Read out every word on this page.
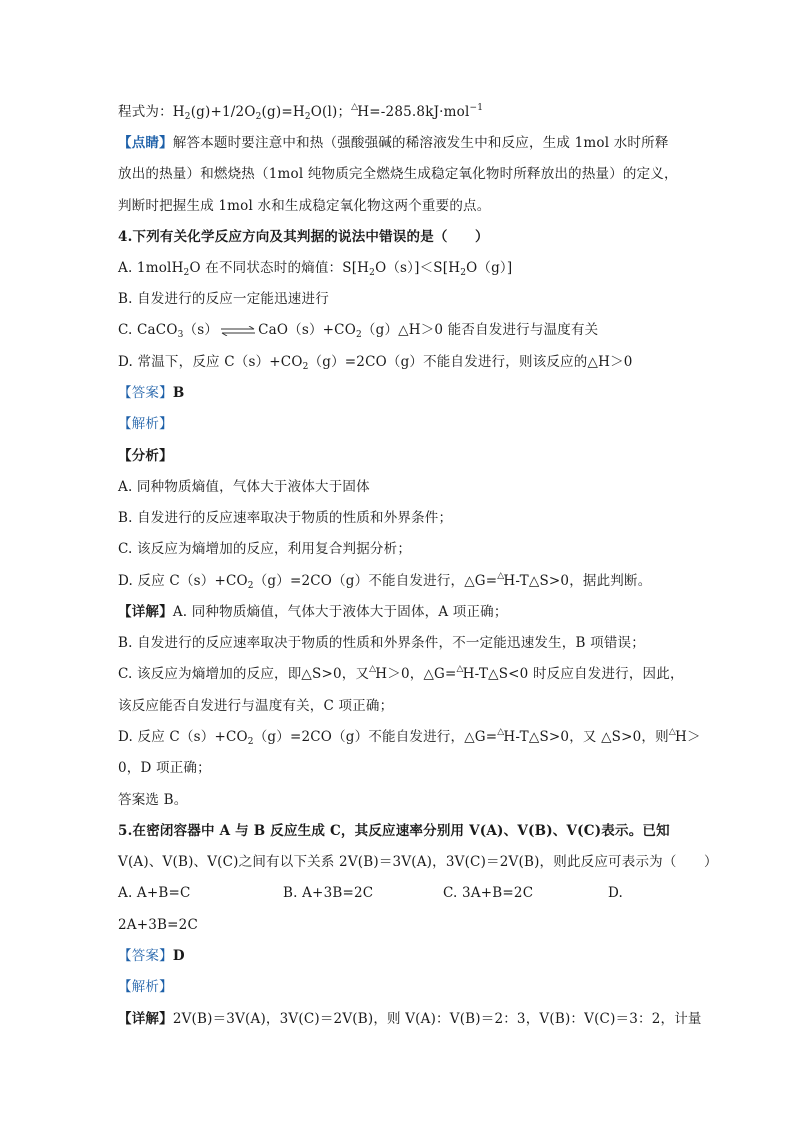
程式为：$H_2(g)+1/2O_2(g)=H_2O(l)$；△H=-285.8kJ·mol$^{-1}$
【点睛】解答本题时要注意中和热（强酸强碱的稀溶液发生中和反应，生成 1mol 水时所释
放出的热量）和燃烧热（1mol 纯物质完全燃烧生成稳定氧化物时所释放出的热量）的定义，
判断时把握生成 1mol 水和生成稳定氧化物这两个重要的点。
4.下列有关化学反应方向及其判据的说法中错误的是（　　）
A. 1molH$_2$O 在不同状态时的熵值：$S[H_2O(s)]<S[H_2O(g)]$
B. 自发进行的反应一定能迅速进行
C. CaCO$_3$（s） ⇌ $CaO(s)+CO_2(g)\triangle H>0$ 能否自发进行与温度有关
D. 常温下，反应 $C(s)+CO_2(g)=2CO(g)$不能自发进行，则该反应的△H＞0
【答案】B
【解析】
【分析】
A. 同种物质熵值，气体大于液体大于固体
B. 自发进行的反应速率取决于物质的性质和外界条件；
C. 该反应为熵增加的反应，利用复合判据分析；
D. 反应 $C(s)+CO_2(g)=2CO(g)$不能自发进行，△G=△H-T△S>0，据此判断。
【详解】A. 同种物质熵值，气体大于液体大于固体，A 项正确；
B. 自发进行的反应速率取决于物质的性质和外界条件，不一定能迅速发生，B 项错误；
C. 该反应为熵增加的反应，即△S>0，又△H＞0，△G=△H-T△S<0 时反应自发进行，因此，
该反应能否自发进行与温度有关，C 项正确；
D. 反应 $C(s)+CO_2(g)=2CO(g)$不能自发进行，△G=△H-T△S>0，又 △S>0，则△H＞
0，D 项正确；
答案选 B。
5.在密闭容器中 A 与 B 反应生成 C，其反应速率分别用 V(A)、V(B)、V(C)表示。已知
V(A)、V(B)、V(C)之间有以下关系 2V(B)＝3V(A)，3V(C)＝2V(B)，则此反应可表示为（　　）
A. A+B=C	B. A+3B=2C	C. 3A+B=2C	D.
2A+3B=2C
【答案】D
【解析】
【详解】2V(B)＝3V(A)，3V(C)＝2V(B)，则 V(A)：V(B)＝2：3，V(B)：V(C)＝3：2，计量
